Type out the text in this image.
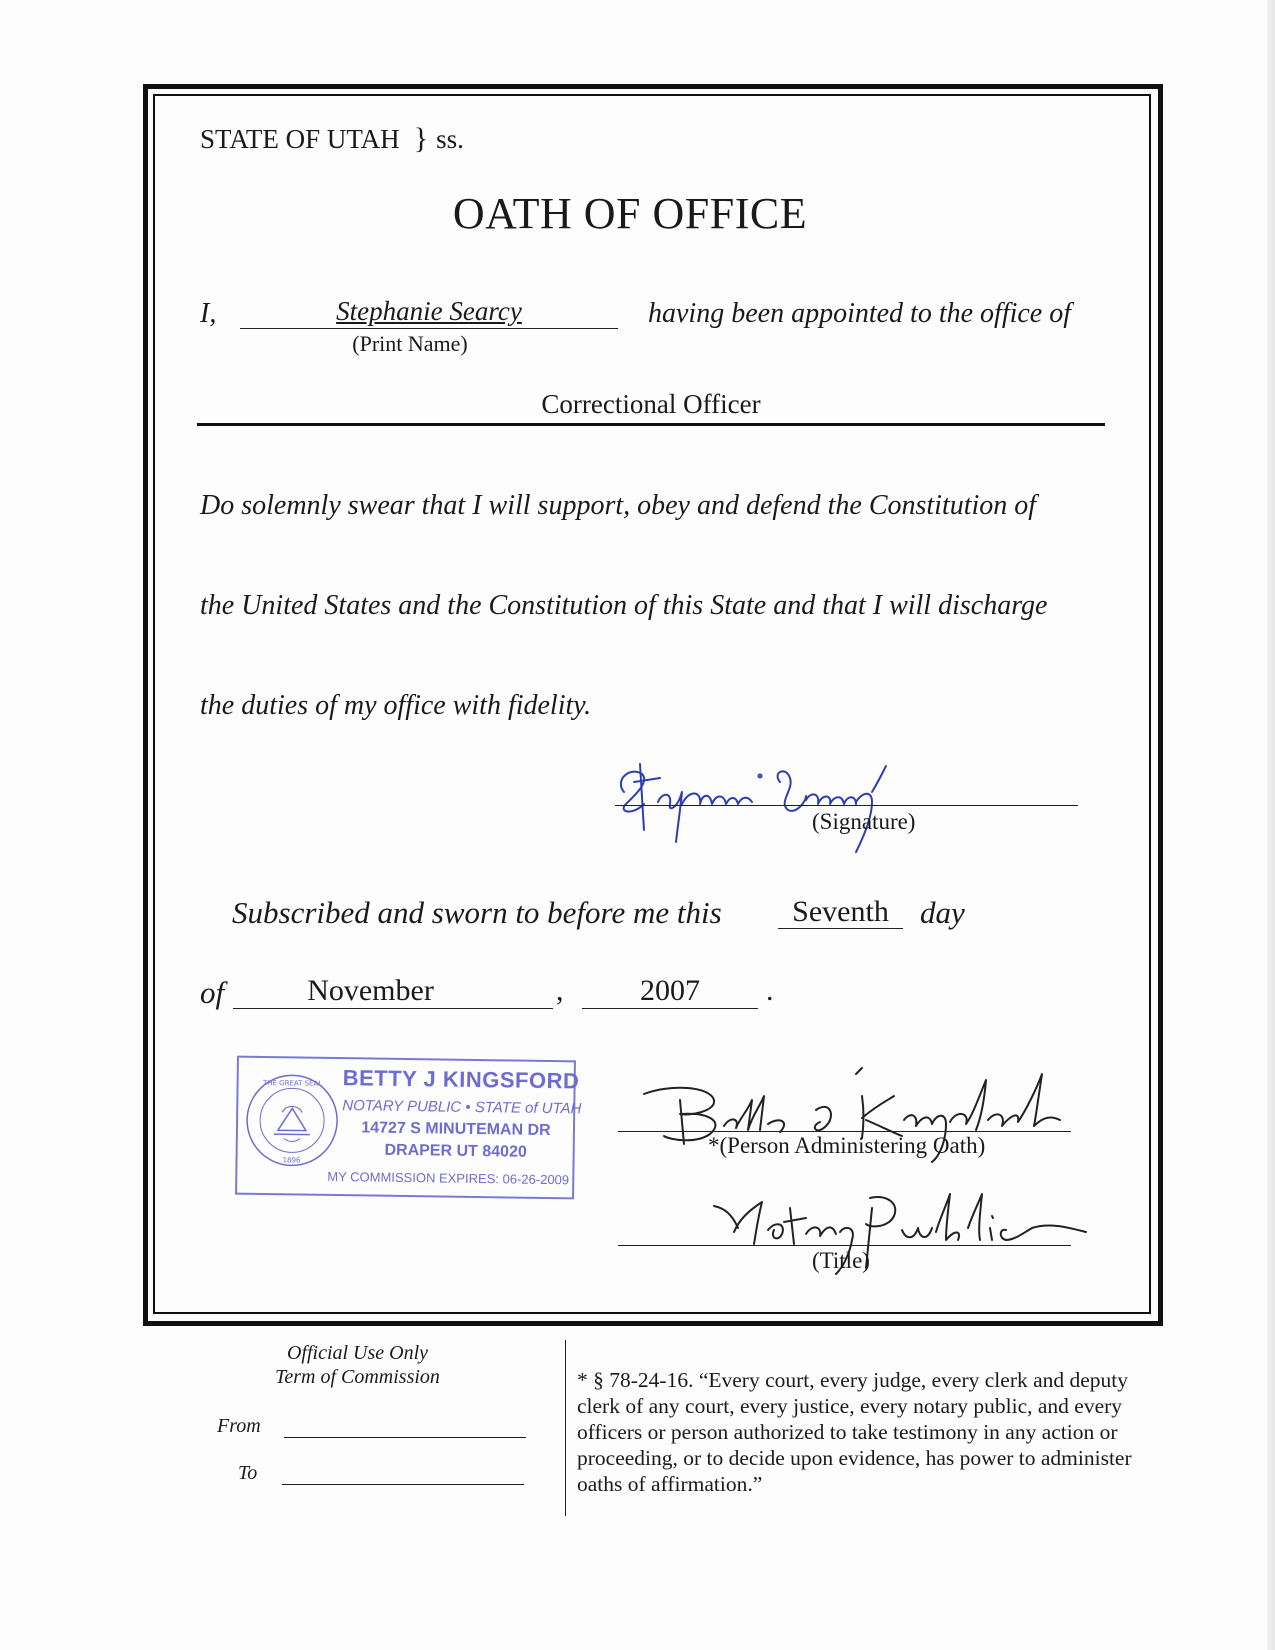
STATE OF UTAH } ss.
OATH OF OFFICE
I,	Stephanie Searcy
(Print Name)
having been appointed to the office of
Correctional Officer
Do solemnly swear that I will support, obey and defend the Constitution of
the United States and the Constitution of this State and that I will discharge
the duties of my office with fidelity.
(Signature)
Subscribed and sworn to before me this	Seventh	day
of	November	,	2007	.
THE GREAT SEAL
1896
BETTY J KINGSFORD
NOTARY PUBLIC • STATE of UTAH
14727 S MINUTEMAN DR
DRAPER UT 84020
MY COMMISSION EXPIRES: 06-26-2009
*(Person Administering Oath)
(Title)
Official Use Only
Term of Commission
From
To
* § 78-24-16. “Every court, every judge, every clerk and deputy clerk of any court, every justice, every notary public, and every officers or person authorized to take testimony in any action or proceeding, or to decide upon evidence, has power to administer oaths of affirmation.”
